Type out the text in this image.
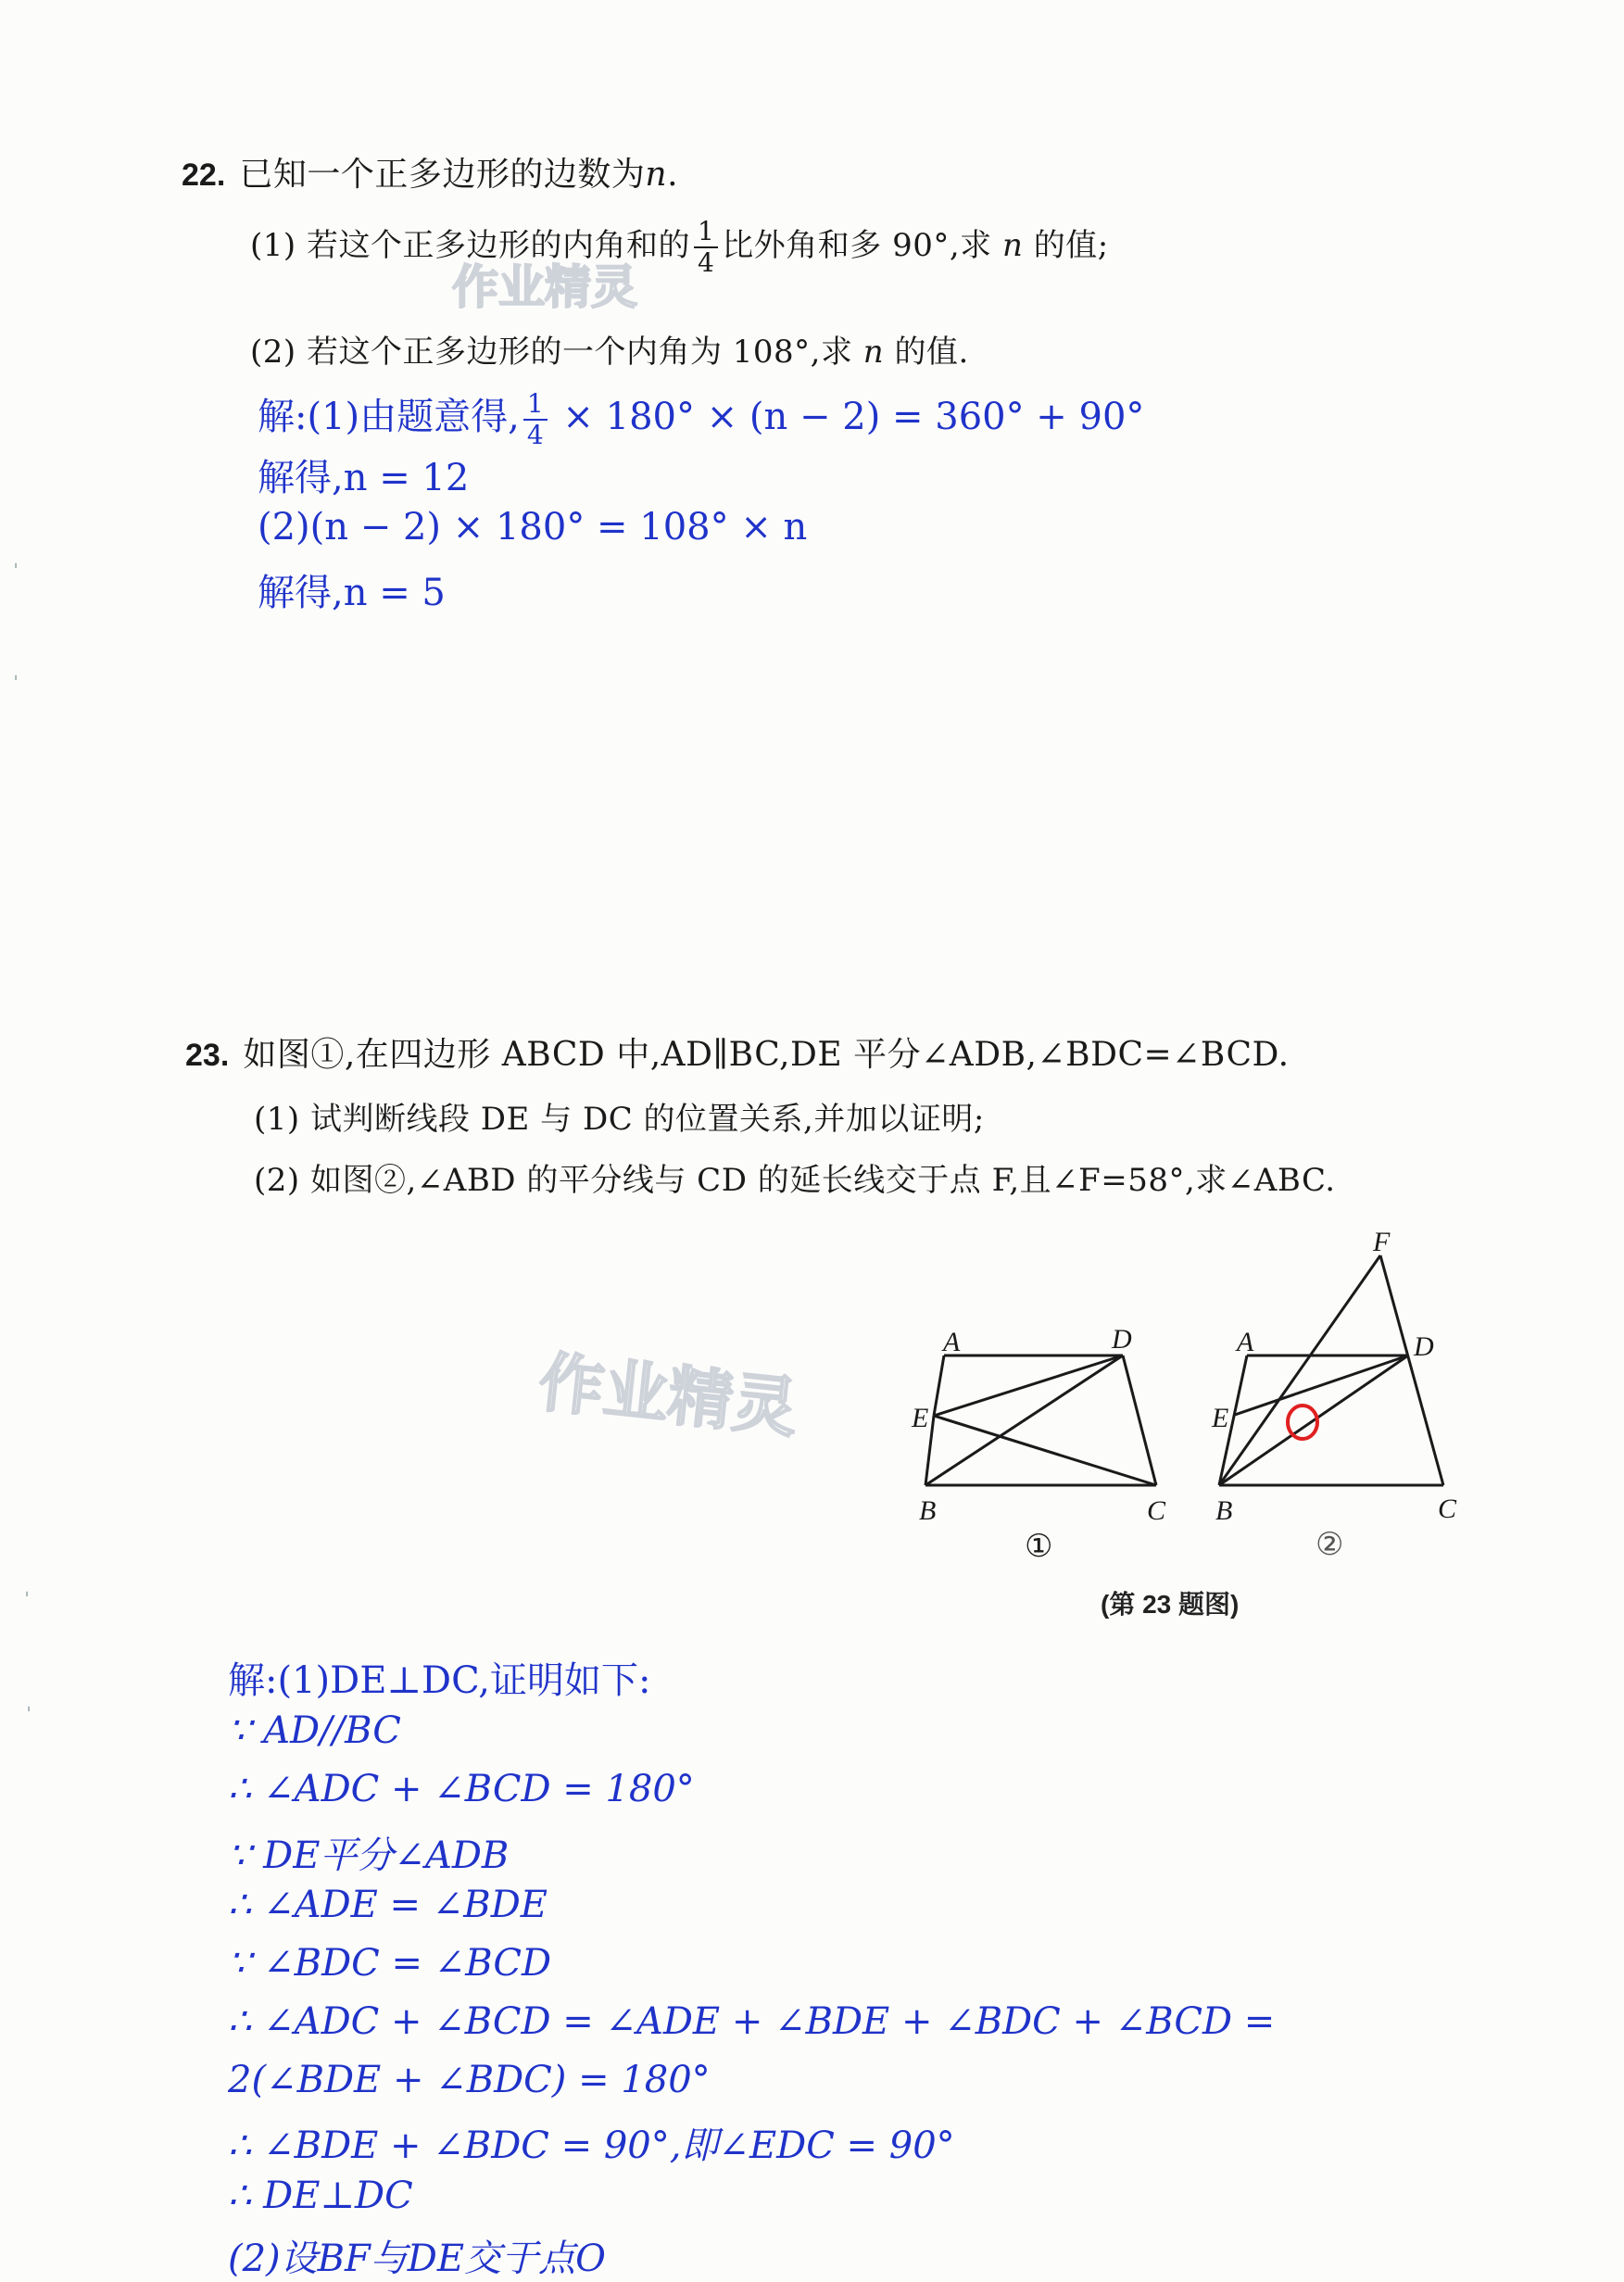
ˈ
ˈ
ˈ
ˈ
22. 已知一个正多边形的边数为n.
(1) 若这个正多边形的内角和的 $\frac{1}{4}$ 比外角和多 90°,求 n 的值;
作业精灵
(2) 若这个正多边形的一个内角为 108°,求 n 的值.
解:(1)由题意得, $\frac{1}{4} \times 180^\circ \times (n - 2) = 360^\circ + 90^\circ$
解得,n = 12
(2)(n − 2) × 180° = 108° × n
解得,n = 5
23. 如图①,在四边形 ABCD 中,AD∥BC,DE 平分∠ADB,∠BDC=∠BCD.
(1) 试判断线段 DE 与 DC 的位置关系,并加以证明;
(2) 如图②,∠ABD 的平分线与 CD 的延长线交于点 F,且∠F=58°,求∠ABC.
作业精灵
A	D
E
B	C
①
F
A	D
E
B	C
②
(第 23 题图)
解:(1)DE⊥DC,证明如下:
∵ AD//BC
∴ ∠ADC + ∠BCD = 180°
∵ DE平分∠ADB
∴ ∠ADE = ∠BDE
∵ ∠BDC = ∠BCD
∴ ∠ADC + ∠BCD = ∠ADE + ∠BDE + ∠BDC + ∠BCD =
2(∠BDE + ∠BDC) = 180°
∴ ∠BDE + ∠BDC = 90°,即∠EDC = 90°
∴ DE⊥DC
(2)设BF与DE交于点O
